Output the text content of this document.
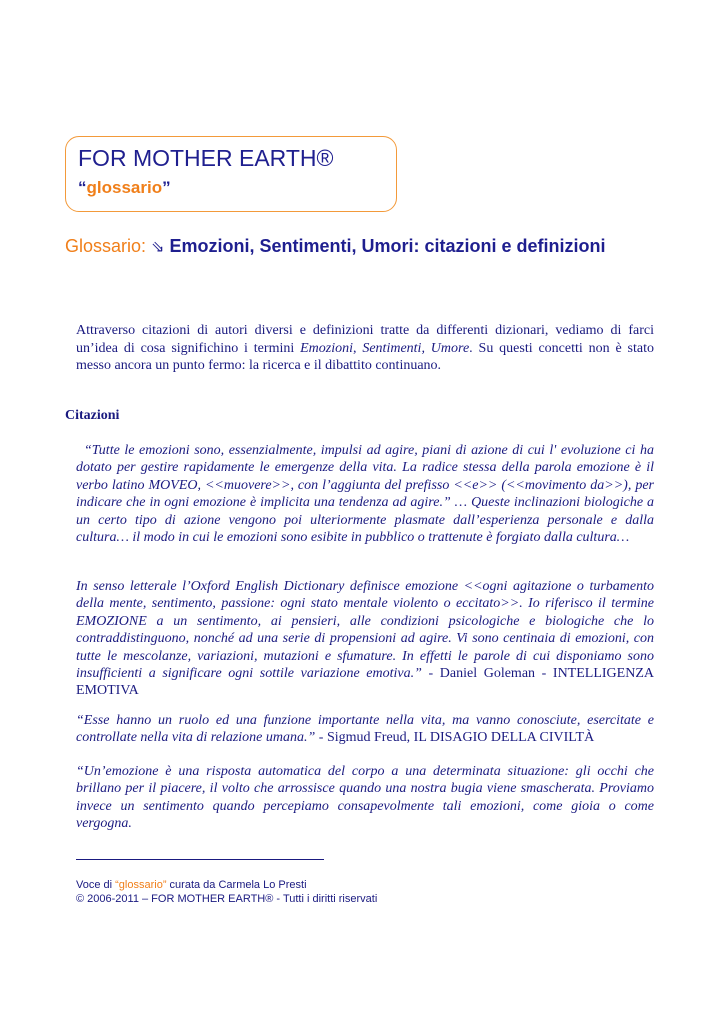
FOR MOTHER EARTH®
“glossario”
Glossario: ⇘ Emozioni, Sentimenti, Umori: citazioni e definizioni
Attraverso citazioni di autori diversi e definizioni tratte da differenti dizionari, vediamo di farci un’idea di cosa significhino i termini Emozioni, Sentimenti, Umore. Su questi concetti non è stato messo ancora un punto fermo: la ricerca e il dibattito continuano.
Citazioni
“Tutte le emozioni sono, essenzialmente, impulsi ad agire, piani di azione di cui l' evoluzione ci ha dotato per gestire rapidamente le emergenze della vita. La radice stessa della parola emozione è il verbo latino MOVEO, <<muovere>>, con l’aggiunta del prefisso <<e>> (<<movimento da>>), per indicare che in ogni emozione è implicita una tendenza ad agire.” … Queste inclinazioni biologiche a un certo tipo di azione vengono poi ulteriormente plasmate dall’esperienza personale e dalla cultura… il modo in cui le emozioni sono esibite in pubblico o trattenute è forgiato dalla cultura…
In senso letterale l’Oxford English Dictionary definisce emozione <<ogni agitazione o turbamento della mente, sentimento, passione: ogni stato mentale violento o eccitato>>. Io riferisco il termine EMOZIONE a un sentimento, ai pensieri, alle condizioni psicologiche e biologiche che lo contraddistinguono, nonché ad una serie di propensioni ad agire. Vi sono centinaia di emozioni, con tutte le mescolanze, variazioni, mutazioni e sfumature. In effetti le parole di cui disponiamo sono insufficienti a significare ogni sottile variazione emotiva.” - Daniel Goleman - INTELLIGENZA EMOTIVA
“Esse hanno un ruolo ed una funzione importante nella vita, ma vanno conosciute, esercitate e controllate nella vita di relazione umana.” - Sigmud Freud, IL DISAGIO DELLA CIVILTÀ
“Un’emozione è una risposta automatica del corpo a una determinata situazione: gli occhi che brillano per il piacere, il volto che arrossisce quando una nostra bugia viene smascherata. Proviamo invece un sentimento quando percepiamo consapevolmente tali emozioni, come gioia o come vergogna.
Voce di “glossario” curata da Carmela Lo Presti
© 2006-2011 – FOR MOTHER EARTH® - Tutti i diritti riservati
